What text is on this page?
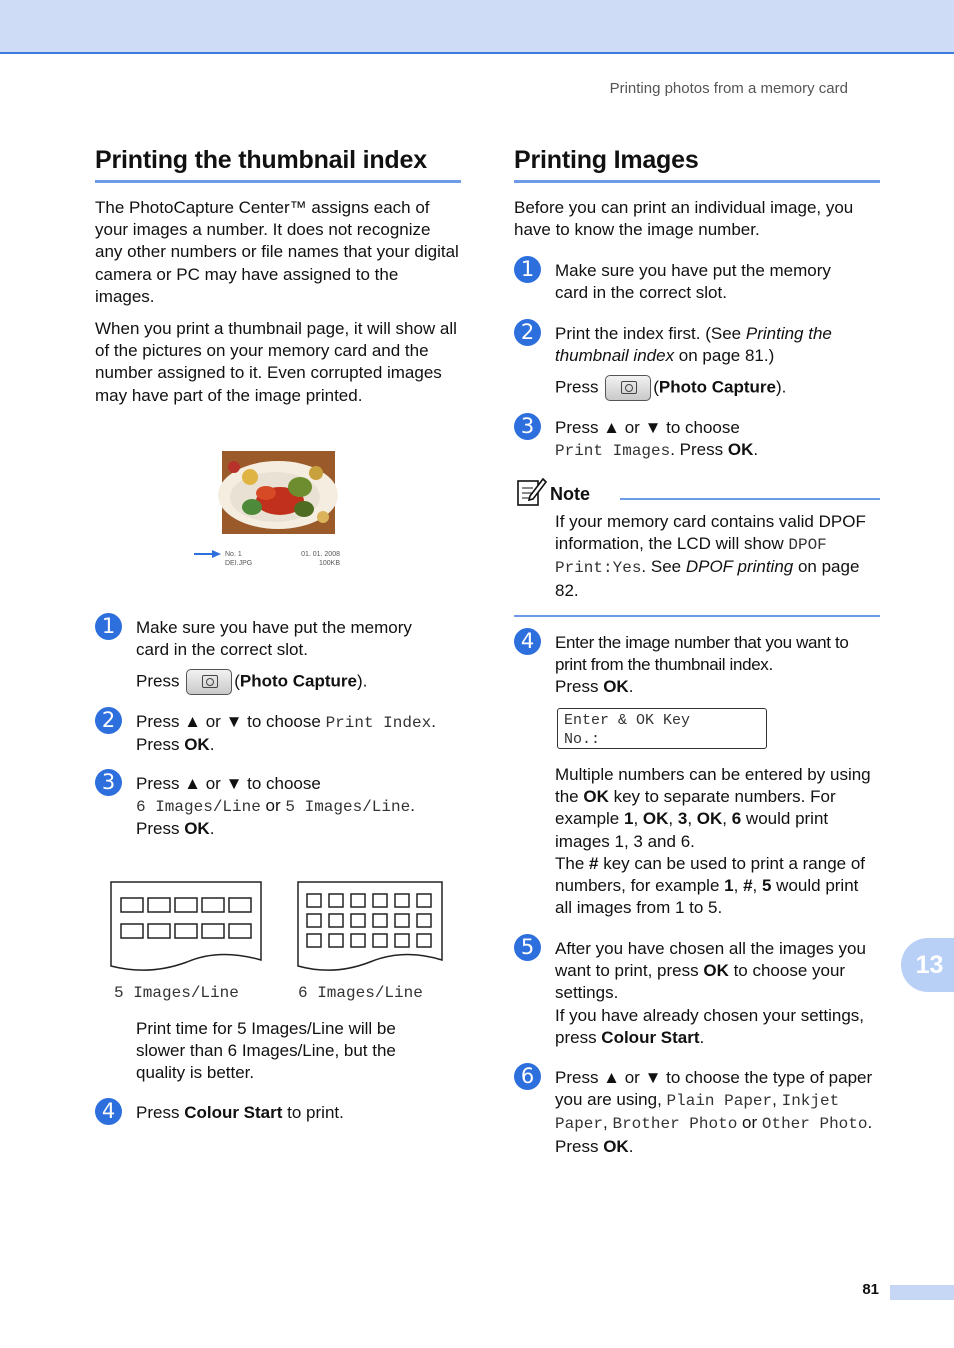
Printing photos from a memory card
Printing the thumbnail index

The PhotoCapture Center™ assigns each of your images a number. It does not recognize any other numbers or file names that your digital camera or PC may have assigned to the images.

When you print a thumbnail page, it will show all of the pictures on your memory card and the number assigned to it. Even corrupted images may have part of the image printed.

No. 1
DEI.JPG
01. 01. 2008
100KB
1	Make sure you have put the memory
card in the correct slot.
Press	(Photo Capture).
2	Press ▲ or ▼ to choose Print Index.
Press OK.
3	Press ▲ or ▼ to choose
6 Images/Line or 5 Images/Line.
Press OK.
5 Images/Line	6 Images/Line

Print time for 5 Images/Line will be slower than 6 Images/Line, but the quality is better.

4	Press Colour Start to print.
Printing Images

Before you can print an individual image, you have to know the image number.

1	Make sure you have put the memory
card in the correct slot.
2	Print the index first. (See Printing the thumbnail index on page 81.)
Press	(Photo Capture).
3	Press ▲ or ▼ to choose
Print Images. Press OK.
Note
If your memory card contains valid DPOF information, the LCD will show DPOF Print:Yes. See DPOF printing on page 82.
4	Enter the image number that you want to print from the thumbnail index.
Press OK.
Enter & OK Key
No.:
Multiple numbers can be entered by using the OK key to separate numbers. For example 1, OK, 3, OK, 6 would print images 1, 3 and 6.
The # key can be used to print a range of numbers, for example 1, #, 5 would print all images from 1 to 5.
5	After you have chosen all the images you want to print, press OK to choose your settings.
If you have already chosen your settings, press Colour Start.
6	Press ▲ or ▼ to choose the type of paper you are using, Plain Paper, Inkjet Paper, Brother Photo or Other Photo.
Press OK.
13
81
